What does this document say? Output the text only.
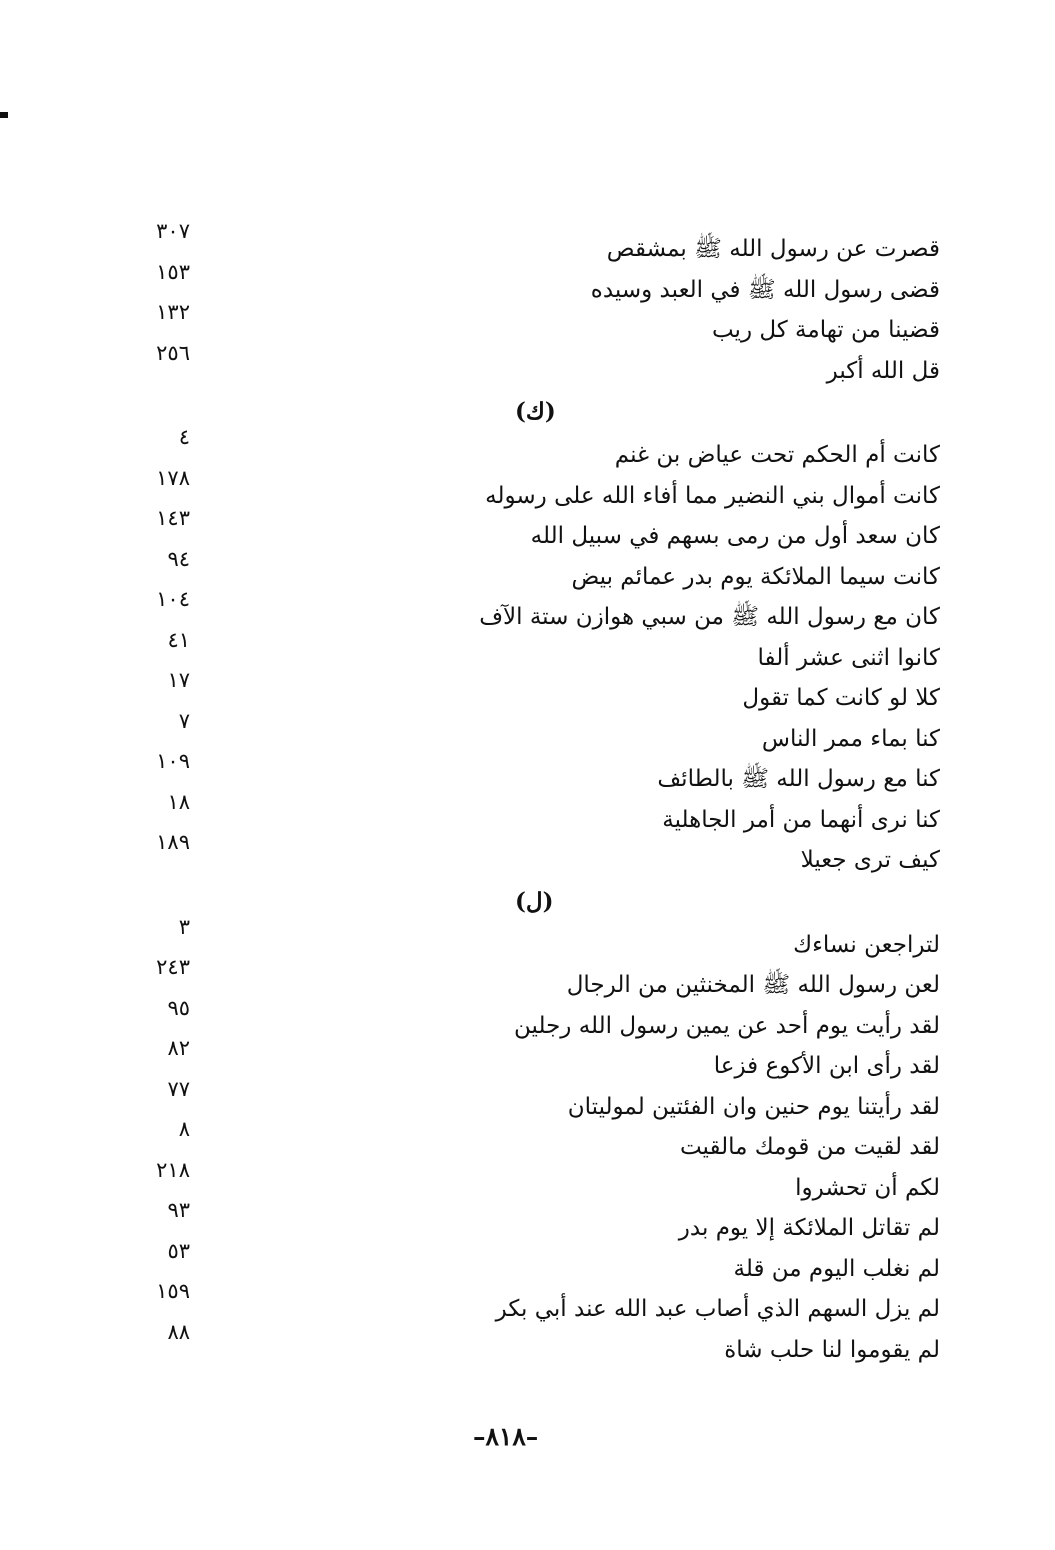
قصرت عن رسول الله ﷺ بمشقص
٣٠٧
قضى رسول الله ﷺ في العبد وسيده
١٥٣
قضينا من تهامة كل ريب
١٣٢
قل الله أكبر
٢٥٦
(ك)
كانت أم الحكم تحت عياض بن غنم
٤
كانت أموال بني النضير مما أفاء الله على رسوله
١٧٨
كان سعد أول من رمى بسهم في سبيل الله
١٤٣
كانت سيما الملائكة يوم بدر عمائم بيض
٩٤
كان مع رسول الله ﷺ من سبي هوازن ستة الآف
١٠٤
كانوا اثنى عشر ألفا
٤١
كلا لو كانت كما تقول
١٧
كنا بماء ممر الناس
٧
كنا مع رسول الله ﷺ بالطائف
١٠٩
كنا نرى أنهما من أمر الجاهلية
١٨
كيف ترى جعيلا
١٨٩
(ل)
لتراجعن نساءك
٣
لعن رسول الله ﷺ المخنثين من الرجال
٢٤٣
لقد رأيت يوم أحد عن يمين رسول الله رجلين
٩٥
لقد رأى ابن الأكوع فزعا
٨٢
لقد رأيتنا يوم حنين وان الفئتين لموليتان
٧٧
لقد لقيت من قومك مالقيت
٨
لكم أن تحشروا
٢١٨
لم تقاتل الملائكة إلا يوم بدر
٩٣
لم نغلب اليوم من قلة
٥٣
لم يزل السهم الذي أصاب عبد الله عند أبي بكر
١٥٩
لم يقوموا لنا حلب شاة
٨٨
–٨١٨–
